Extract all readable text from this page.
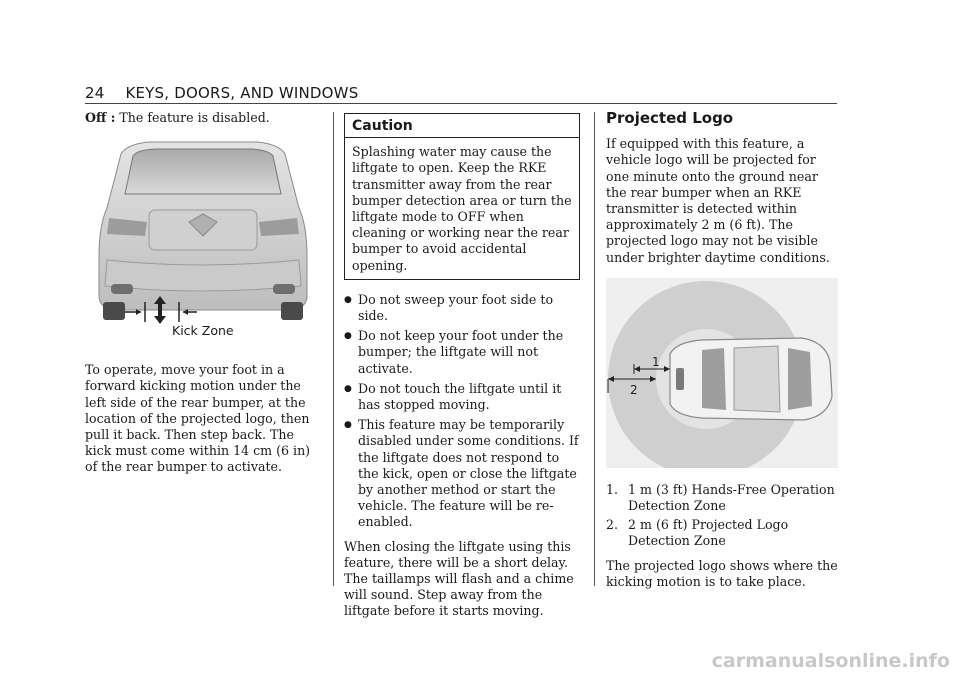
24 KEYS, DOORS, AND WINDOWS

Off : The feature is disabled.

Kick Zone

To operate, move your foot in a forward kicking motion under the left side of the rear bumper, at the location of the projected logo, then pull it back. Then step back. The kick must come within 14 cm (6 in) of the rear bumper to activate.

Caution
Splashing water may cause the liftgate to open. Keep the RKE transmitter away from the rear bumper detection area or turn the liftgate mode to OFF when cleaning or working near the rear bumper to avoid accidental opening.
● Do not sweep your foot side to side.
● Do not keep your foot under the bumper; the liftgate will not activate.
● Do not touch the liftgate until it has stopped moving.
● This feature may be temporarily disabled under some conditions. If the liftgate does not respond to the kick, open or close the liftgate by another method or start the vehicle. The feature will be re-enabled.

When closing the liftgate using this feature, there will be a short delay. The taillamps will flash and a chime will sound. Step away from the liftgate before it starts moving.

Projected Logo

If equipped with this feature, a vehicle logo will be projected for one minute onto the ground near the rear bumper when an RKE transmitter is detected within approximately 2 m (6 ft). The projected logo may not be visible under brighter daytime conditions.

1
2
1. 1 m (3 ft) Hands-Free Operation Detection Zone
2. 2 m (6 ft) Projected Logo Detection Zone

The projected logo shows where the kicking motion is to take place.

carmanualsonline.info
